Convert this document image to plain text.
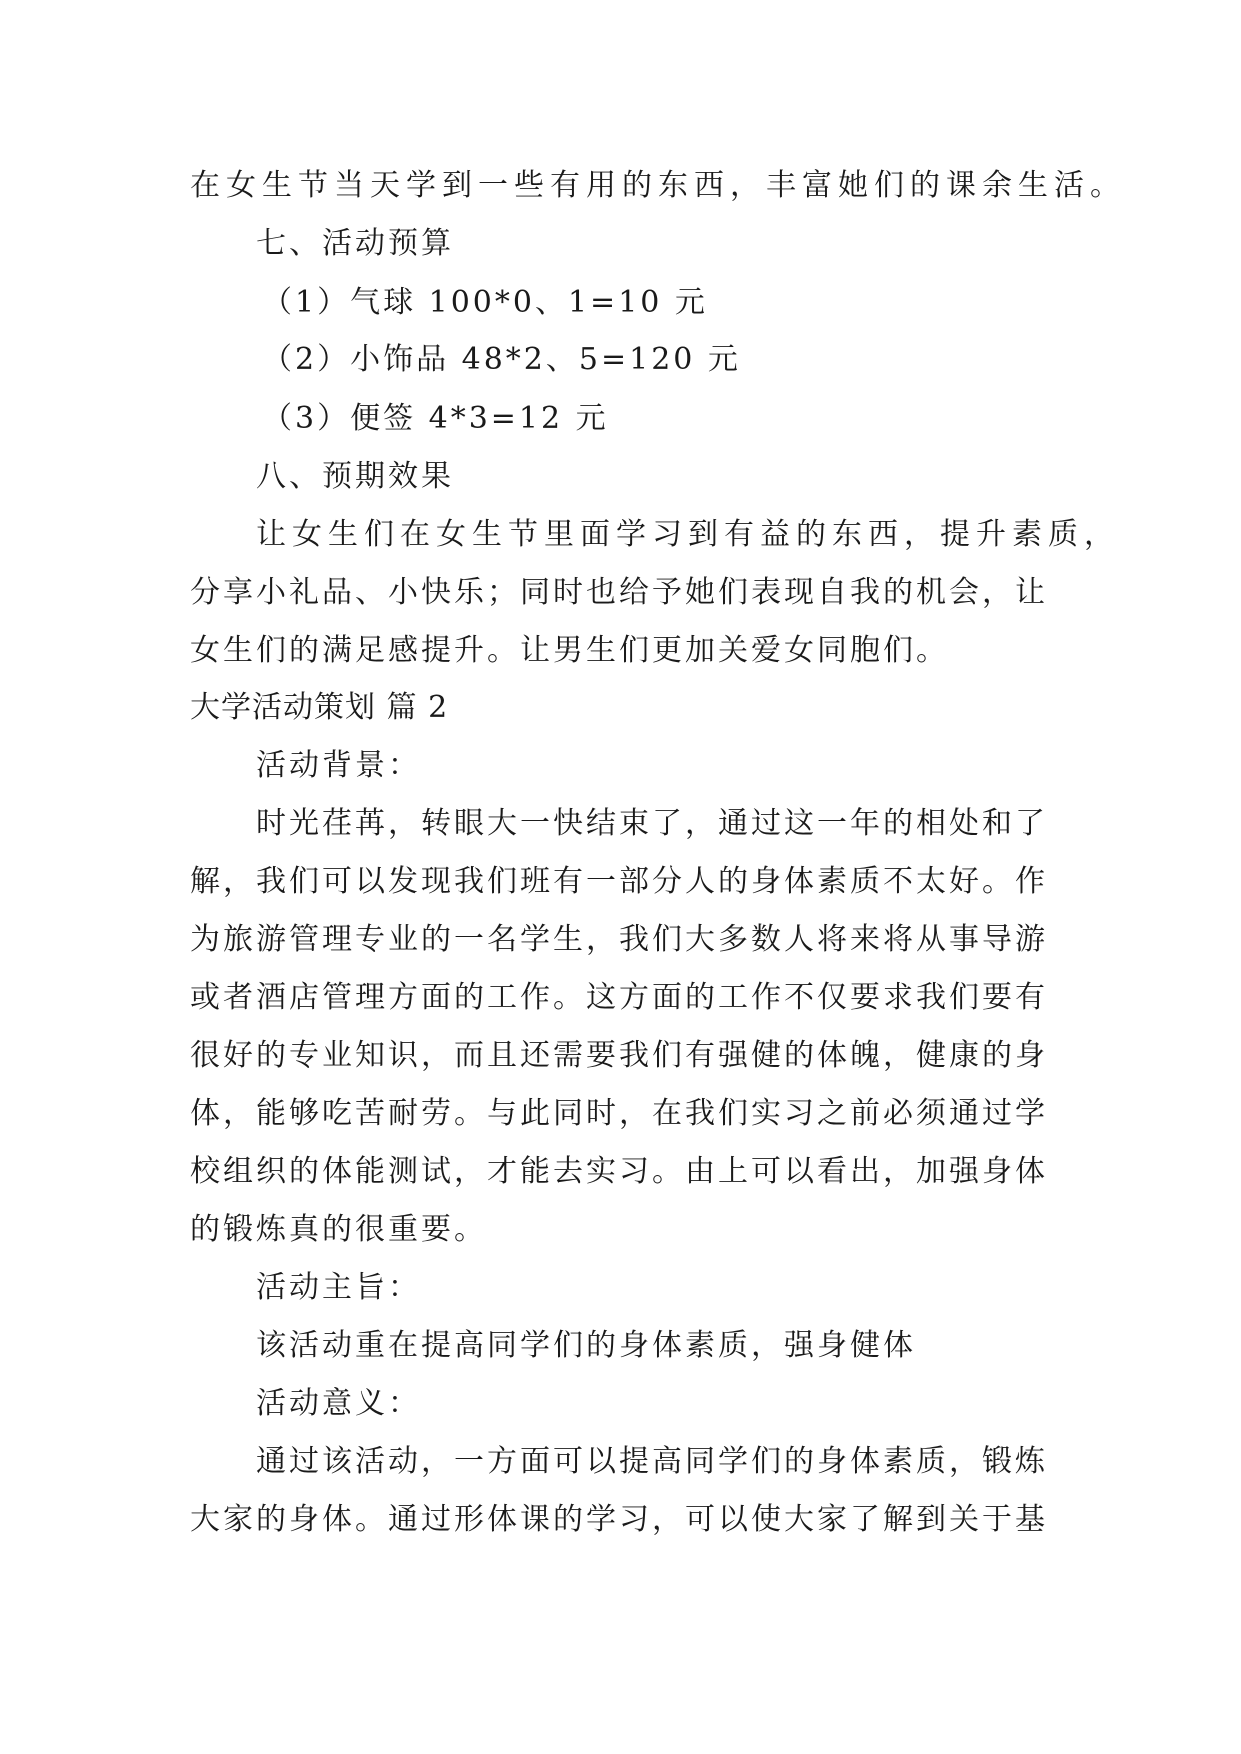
在女生节当天学到一些有用的东西，丰富她们的课余生活。
七、活动预算
（1）气球 100*0、1=10 元
（2）小饰品 48*2、5=120 元
（3）便签 4*3=12 元
八、预期效果
让女生们在女生节里面学习到有益的东西，提升素质，
分享小礼品、小快乐；同时也给予她们表现自我的机会，让
女生们的满足感提升。让男生们更加关爱女同胞们。
大学活动策划 篇 2
活动背景：
时光荏苒，转眼大一快结束了，通过这一年的相处和了
解，我们可以发现我们班有一部分人的身体素质不太好。作
为旅游管理专业的一名学生，我们大多数人将来将从事导游
或者酒店管理方面的工作。这方面的工作不仅要求我们要有
很好的专业知识，而且还需要我们有强健的体魄，健康的身
体，能够吃苦耐劳。与此同时，在我们实习之前必须通过学
校组织的体能测试，才能去实习。由上可以看出，加强身体
的锻炼真的很重要。
活动主旨：
该活动重在提高同学们的身体素质，强身健体
活动意义：
通过该活动，一方面可以提高同学们的身体素质，锻炼
大家的身体。通过形体课的学习，可以使大家了解到关于基
